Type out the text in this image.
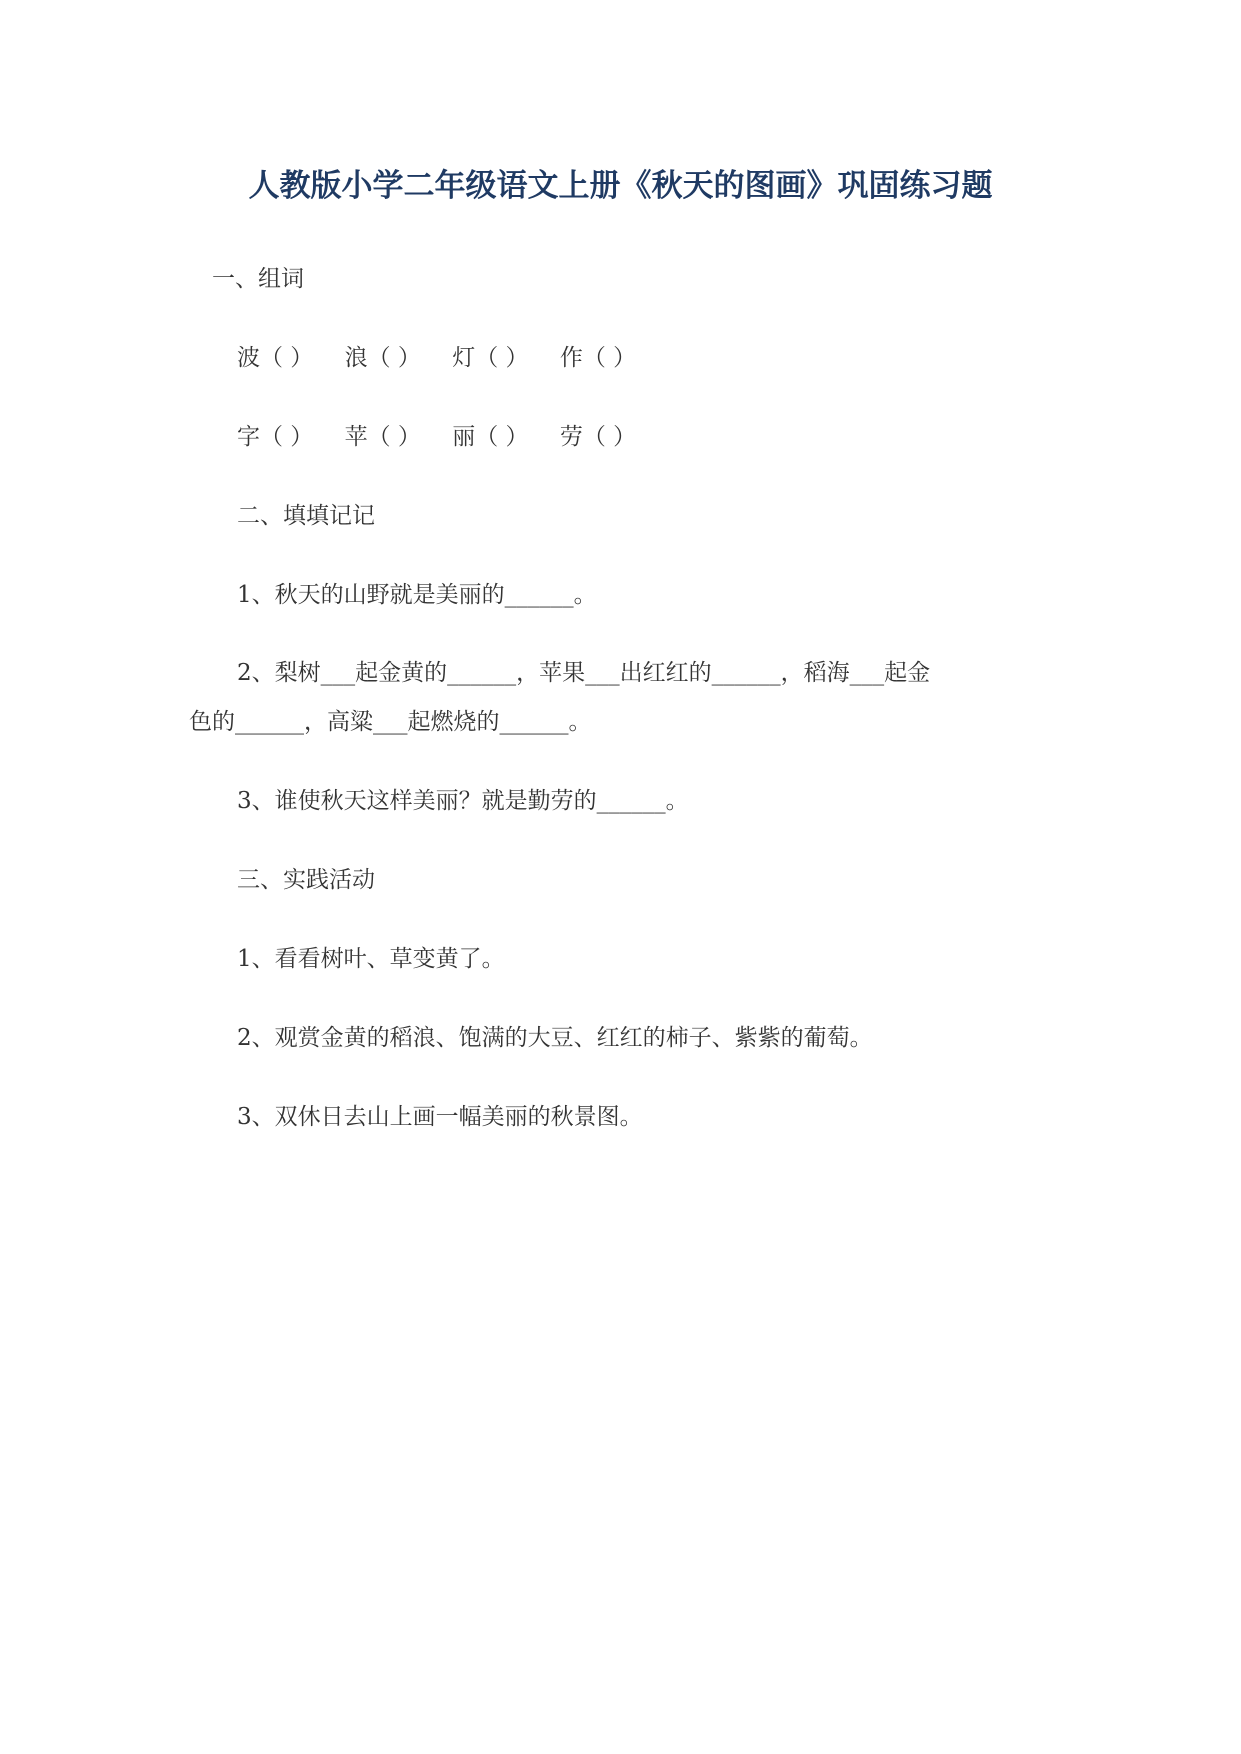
人教版小学二年级语文上册《秋天的图画》巩固练习题
一、组词
波（ ） 浪（ ） 灯（ ） 作（ ）
字（ ） 苹（ ） 丽（ ） 劳（ ）
二、填填记记
1、秋天的山野就是美丽的______。
2、梨树___起金黄的______，苹果___出红红的______，稻海___起金
色的______，高粱___起燃烧的______。
3、谁使秋天这样美丽？就是勤劳的______。
三、实践活动
1、看看树叶、草变黄了。
2、观赏金黄的稻浪、饱满的大豆、红红的柿子、紫紫的葡萄。
3、双休日去山上画一幅美丽的秋景图。
